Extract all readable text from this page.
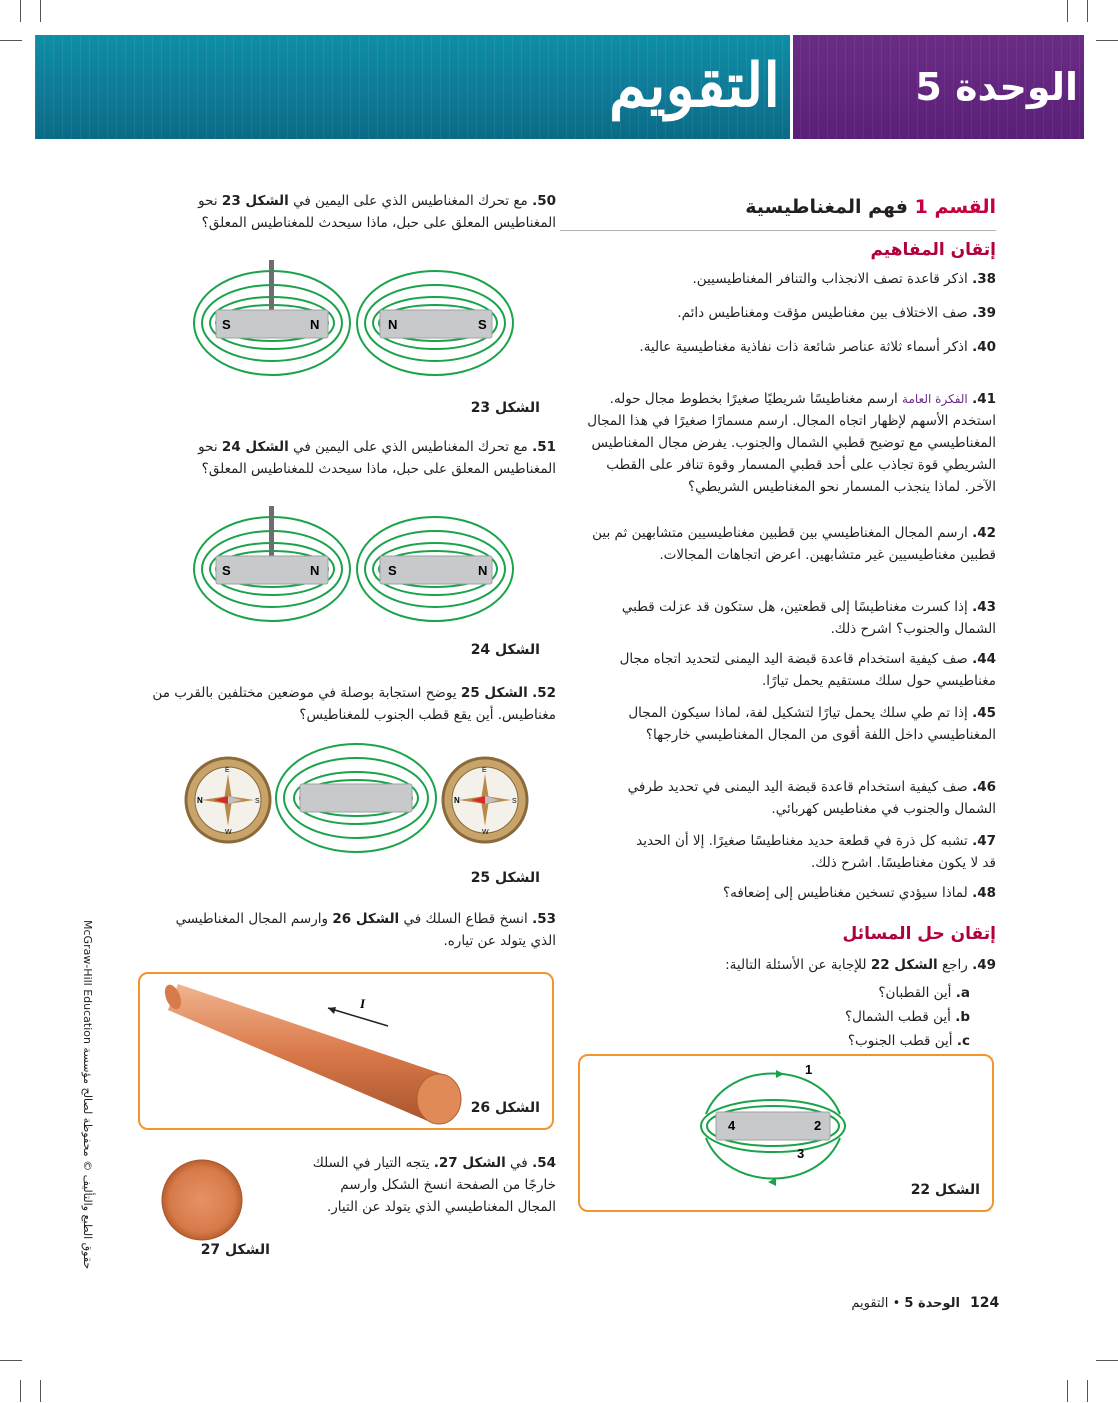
التقويم	الوحدة 5
القسم 1 فهم المغناطيسية
إتقان المفاهيم
38. اذكر قاعدة تصف الانجذاب والتنافر المغناطيسيين.
39. صف الاختلاف بين مغناطيس مؤقت ومغناطيس دائم.
40. اذكر أسماء ثلاثة عناصر شائعة ذات نفاذية مغناطيسية عالية.
41. الفكرة العامة ارسم مغناطيسًا شريطيًا صغيرًا بخطوط مجال حوله. استخدم الأسهم لإظهار اتجاه المجال. ارسم مسمارًا صغيرًا في هذا المجال المغناطيسي مع توضيح قطبي الشمال والجنوب. يفرض مجال المغناطيس الشريطي قوة تجاذب على أحد قطبي المسمار وقوة تنافر على القطب الآخر. لماذا ينجذب المسمار نحو المغناطيس الشريطي؟
42. ارسم المجال المغناطيسي بين قطبين مغناطيسيين متشابهين ثم بين قطبين مغناطيسيين غير متشابهين. اعرض اتجاهات المجالات.
43. إذا كسرت مغناطيسًا إلى قطعتين، هل ستكون قد عزلت قطبي الشمال والجنوب؟ اشرح ذلك.
44. صف كيفية استخدام قاعدة قبضة اليد اليمنى لتحديد اتجاه مجال مغناطيسي حول سلك مستقيم يحمل تيارًا.
45. إذا تم طي سلك يحمل تيارًا لتشكيل لفة، لماذا سيكون المجال المغناطيسي داخل اللفة أقوى من المجال المغناطيسي خارجها؟
46. صف كيفية استخدام قاعدة قبضة اليد اليمنى في تحديد طرفي الشمال والجنوب في مغناطيس كهربائي.
47. تشبه كل ذرة في قطعة حديد مغناطيسًا صغيرًا. إلا أن الحديد قد لا يكون مغناطيسًا. اشرح ذلك.
48. لماذا سيؤدي تسخين مغناطيس إلى إضعافه؟
إتقان حل المسائل
49. راجع الشكل 22 للإجابة عن الأسئلة التالية:
a. أين القطبان؟
b. أين قطب الشمال؟
c. أين قطب الجنوب؟
1
2
3
4
الشكل 22
50. مع تحرك المغناطيس الذي على اليمين في الشكل 23 نحو المغناطيس المعلق على حبل، ماذا سيحدث للمغناطيس المعلق؟
S	N	N	S
الشكل 23
51. مع تحرك المغناطيس الذي على اليمين في الشكل 24 نحو المغناطيس المعلق على حبل، ماذا سيحدث للمغناطيس المعلق؟
S	N	S	N
الشكل 24
52. الشكل 25 يوضح استجابة بوصلة في موضعين مختلفين بالقرب من مغناطيس. أين يقع قطب الجنوب للمغناطيس؟
E
W
N	S
E
W
N	S
الشكل 25
53. انسخ قطاع السلك في الشكل 26 وارسم المجال المغناطيسي الذي يتولد عن تياره.
I
الشكل 26
الشكل 27
54. في الشكل 27. يتجه التيار في السلك خارجًا من الصفحة انسخ الشكل وارسم المجال المغناطيسي الذي يتولد عن التيار.
McGraw-Hill Education حقوق الطبع والتأليف © محفوظة لصالح مؤسسة
الوحدة 5 • التقويم	124
